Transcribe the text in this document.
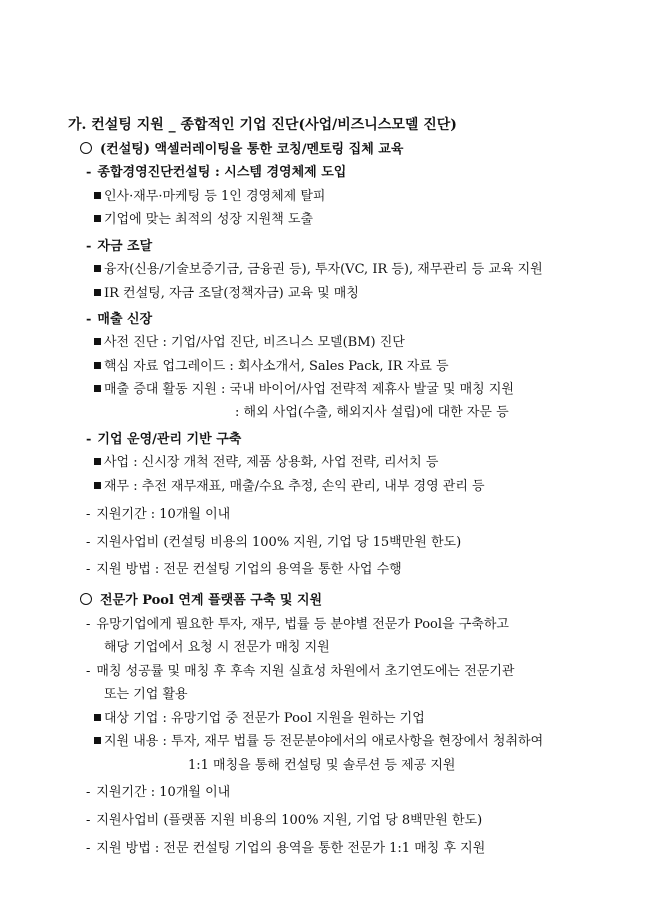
가. 컨설팅 지원 _ 종합적인 기업 진단(사업/비즈니스모델 진단)
(컨설팅) 액셀러레이팅을 통한 코칭/멘토링 집체 교육
- 종합경영진단컨설팅 : 시스템 경영체제 도입
인사·재무·마케팅 등 1인 경영체제 탈피
기업에 맞는 최적의 성장 지원책 도출
- 자금 조달
융자(신용/기술보증기금, 금융권 등), 투자(VC, IR 등), 재무관리 등 교육 지원
IR 컨설팅, 자금 조달(정책자금) 교육 및 매칭
- 매출 신장
사전 진단 : 기업/사업 진단, 비즈니스 모델(BM) 진단
핵심 자료 업그레이드 : 회사소개서, Sales Pack, IR 자료 등
매출 증대 활동 지원 : 국내 바이어/사업 전략적 제휴사 발굴 및 매칭 지원
: 해외 사업(수출, 해외지사 설립)에 대한 자문 등
- 기업 운영/관리 기반 구축
사업 : 신시장 개척 전략, 제품 상용화, 사업 전략, 리서치 등
재무 : 추전 재무재표, 매출/수요 추정, 손익 관리, 내부 경영 관리 등
- 지원기간 : 10개월 이내
- 지원사업비 (컨설팅 비용의 100% 지원, 기업 당 15백만원 한도)
- 지원 방법 : 전문 컨설팅 기업의 용역을 통한 사업 수행
전문가 Pool 연계 플랫폼 구축 및 지원
- 유망기업에게 필요한 투자, 재무, 법률 등 분야별 전문가 Pool을 구축하고
해당 기업에서 요청 시 전문가 매칭 지원
- 매칭 성공률 및 매칭 후 후속 지원 실효성 차원에서 초기연도에는 전문기관
또는 기업 활용
대상 기업 : 유망기업 중 전문가 Pool 지원을 원하는 기업
지원 내용 : 투자, 재무 법률 등 전문분야에서의 애로사항을 현장에서 청취하여
1:1 매칭을 통해 컨설팅 및 솔루션 등 제공 지원
- 지원기간 : 10개월 이내
- 지원사업비 (플랫폼 지원 비용의 100% 지원, 기업 당 8백만원 한도)
- 지원 방법 : 전문 컨설팅 기업의 용역을 통한 전문가 1:1 매칭 후 지원
